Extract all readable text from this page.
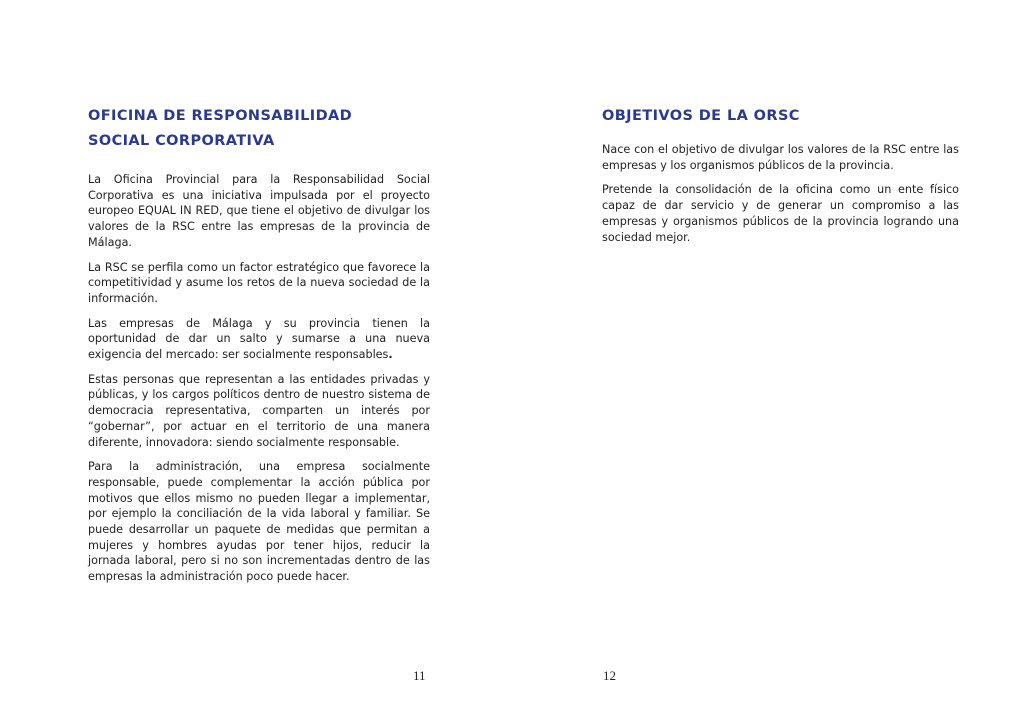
OFICINA DE RESPONSABILIDAD
SOCIAL CORPORATIVA

La Oficina Provincial para la Responsabilidad Social Corporativa es una iniciativa impulsada por el proyecto europeo EQUAL IN RED, que tiene el objetivo de divulgar los valores de la RSC entre las empresas de la provincia de Málaga.

La RSC se perfila como un factor estratégico que favorece la competitividad y asume los retos de la nueva sociedad de la información.

Las empresas de Málaga y su provincia tienen la oportunidad de dar un salto y sumarse a una nueva exigencia del mercado: ser socialmente responsables.

Estas personas que representan a las entidades privadas y públicas, y los cargos políticos dentro de nuestro sistema de democracia representativa, comparten un interés por “gobernar”, por actuar en el territorio de una manera diferente, innovadora: siendo socialmente responsable.

Para la administración, una empresa socialmente responsable, puede complementar la acción pública por motivos que ellos mismo no pueden llegar a implementar, por ejemplo la conciliación de la vida laboral y familiar. Se puede desarrollar un paquete de medidas que permitan a mujeres y hombres ayudas por tener hijos, reducir la jornada laboral, pero si no son incrementadas dentro de las empresas la administración poco puede hacer.

11
OBJETIVOS DE LA ORSC

Nace con el objetivo de divulgar los valores de la RSC entre las empresas y los organismos públicos de la provincia.

Pretende la consolidación de la oficina como un ente físico capaz de dar servicio y de generar un compromiso a las empresas y organismos públicos de la provincia logrando una sociedad mejor.

12
